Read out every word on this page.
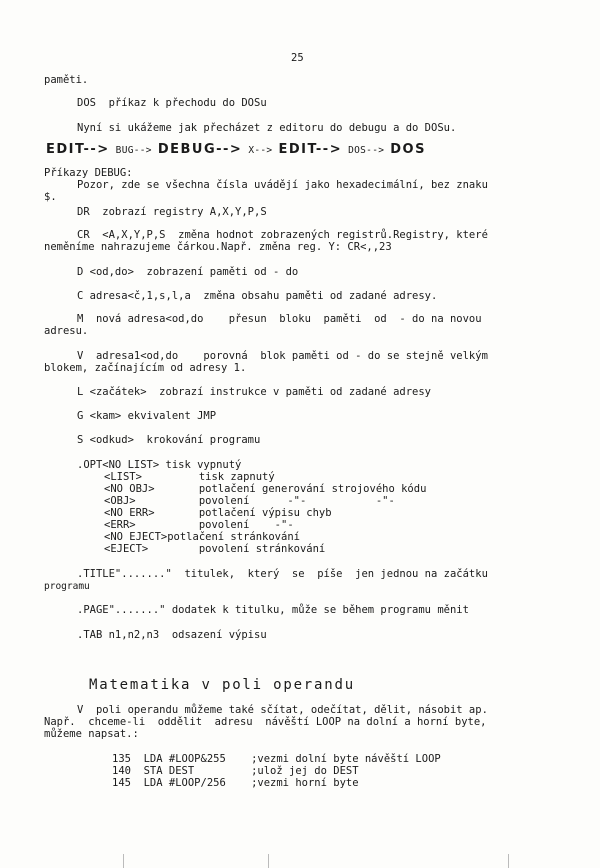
25
paměti.
DOS  příkaz k přechodu do DOSu
Nyní si ukážeme jak přecházet z editoru do debugu a do DOSu.
EDIT--> BUG--> DEBUG--> X--> EDIT--> DOS--> DOS
Příkazy DEBUG:
Pozor, zde se všechna čísla uvádějí jako hexadecimální, bez znaku
$.
DR  zobrazí registry A,X,Y,P,S
CR  <A,X,Y,P,S  změna hodnot zobrazených registrů.Registry, které
neměníme nahrazujeme čárkou.Např. změna reg. Y: CR<,,23
D <od,do>  zobrazení paměti od - do
C adresa<č,1,s,l,a  změna obsahu paměti od zadané adresy.
M  nová adresa<od,do    přesun  bloku  paměti  od  - do na novou
adresu.
V  adresa1<od,do    porovná  blok paměti od - do se stejně velkým
blokem, začínajícím od adresy 1.
L <začátek>  zobrazí instrukce v paměti od zadané adresy
G <kam> ekvivalent JMP
S <odkud>  krokování programu
.OPT<NO LIST> tisk vypnutý
<LIST>         tisk zapnutý
<NO OBJ>       potlačení generování strojového kódu
<OBJ>          povolení      -"-           -"-
<NO ERR>       potlačení výpisu chyb
<ERR>          povolení    -"-
<NO EJECT>potlačení stránkování
<EJECT>        povolení stránkování
.TITLE"......."  titulek,  který  se  píše  jen jednou na začátku
programu
.PAGE"......." dodatek k titulku, může se během programu měnit
.TAB n1,n2,n3  odsazení výpisu
Matematika v poli operandu
V  poli operandu můžeme také sčítat, odečítat, dělit, násobit ap.
Např.  chceme-li  oddělit  adresu  návěští LOOP na dolní a horní byte,
můžeme napsat.:
135  LDA #LOOP&255    ;vezmi dolní byte návěští LOOP
140  STA DEST         ;ulož jej do DEST
145  LDA #LOOP/256    ;vezmi horní byte
